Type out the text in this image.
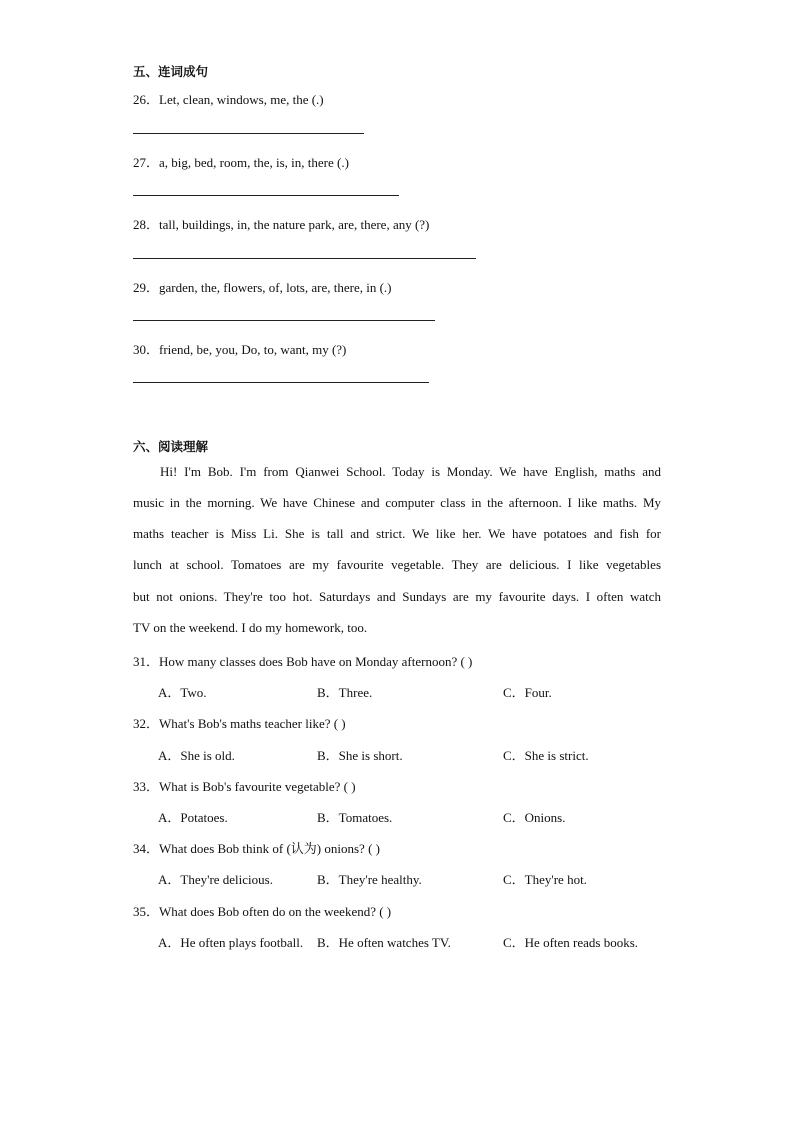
五、连词成句
26．Let, clean, windows, me, the (.)
27．a, big, bed, room, the, is, in, there (.)
28．tall, buildings, in, the nature park, are, there, any (?)
29．garden, the, flowers, of, lots, are, there, in (.)
30．friend, be, you, Do, to, want, my (?)
六、阅读理解
Hi! I'm Bob. I'm from Qianwei School. Today is Monday. We have English, maths and
music in the morning. We have Chinese and computer class in the afternoon. I like maths. My
maths teacher is Miss Li. She is tall and strict. We like her. We have potatoes and fish for
lunch at school. Tomatoes are my favourite vegetable. They are delicious. I like vegetables
but not onions. They're too hot. Saturdays and Sundays are my favourite days. I often watch
TV on the weekend. I do my homework, too.
31．How many classes does Bob have on Monday afternoon? ( )
A．Two.	B．Three.	C．Four.
32．What's Bob's maths teacher like? ( )
A．She is old.	B．She is short.	C．She is strict.
33．What is Bob's favourite vegetable? ( )
A．Potatoes.	B．Tomatoes.	C．Onions.
34．What does Bob think of (认为) onions? ( )
A．They're delicious.	B．They're healthy.	C．They're hot.
35．What does Bob often do on the weekend? ( )
A．He often plays football. B．He often watches TV.	C．He often reads books.
